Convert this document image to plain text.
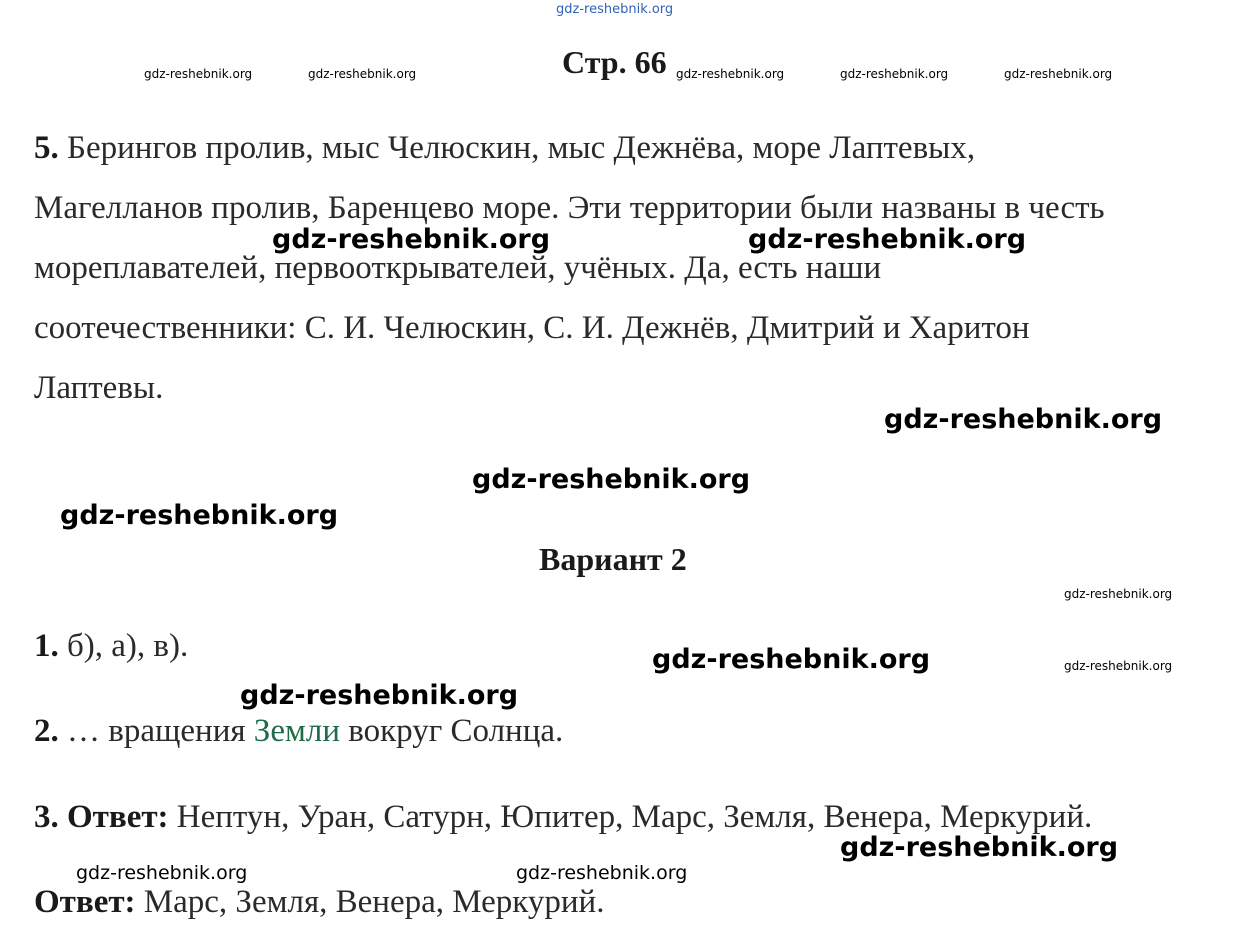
gdz-reshebnik.org
gdz-reshebnik.org	gdz-reshebnik.org	gdz-reshebnik.org	gdz-reshebnik.org	gdz-reshebnik.org
Стр. 66
5. Берингов пролив, мыс Челюскин, мыс Дежнёва, море Лаптевых,
Магелланов пролив, Баренцево море. Эти территории были названы в честь
мореплавателей, первооткрывателей, учёных. Да, есть наши
соотечественники: С. И. Челюскин, С. И. Дежнёв, Дмитрий и Харитон
Лаптевы.
gdz-reshebnik.org	gdz-reshebnik.org
gdz-reshebnik.org
gdz-reshebnik.org
gdz-reshebnik.org
Вариант 2
gdz-reshebnik.org
1. б), а), в).	gdz-reshebnik.org	gdz-reshebnik.org
gdz-reshebnik.org
2. … вращения Земли вокруг Солнца.
3. Ответ: Нептун, Уран, Сатурн, Юпитер, Марс, Земля, Венера, Меркурий.
gdz-reshebnik.org
gdz-reshebnik.org	gdz-reshebnik.org
Ответ: Марс, Земля, Венера, Меркурий.
